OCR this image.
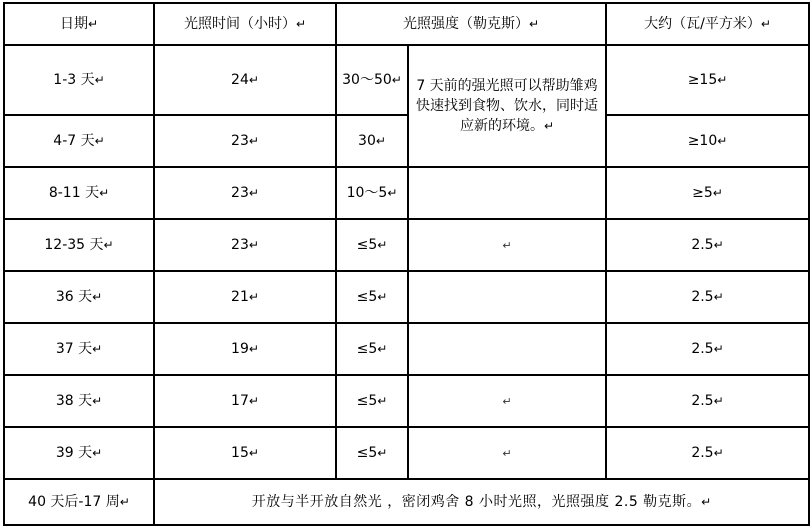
日期↵	光照时间（小时）↵	光照强度（勒克斯）↵		大约（瓦/平方米）↵
1-3 天↵	24↵	30～50↵	7 天前的强光照可以帮助雏鸡快速找到食物、饮水，同时适应新的环境。↵	≥15↵
4-7 天↵	23↵	30↵		≥10↵
8-11 天↵	23↵	10～5↵		≥5↵
12-35 天↵	23↵	≤5↵	↵	2.5↵
36 天↵	21↵	≤5↵		2.5↵
37 天↵	19↵	≤5↵		2.5↵
38 天↵	17↵	≤5↵	↵	2.5↵
39 天↵	15↵	≤5↵	↵	2.5↵
40 天后-17 周↵	开放与半开放自然光 ，密闭鸡舍 8 小时光照，光照强度 2.5 勒克斯。↵			
